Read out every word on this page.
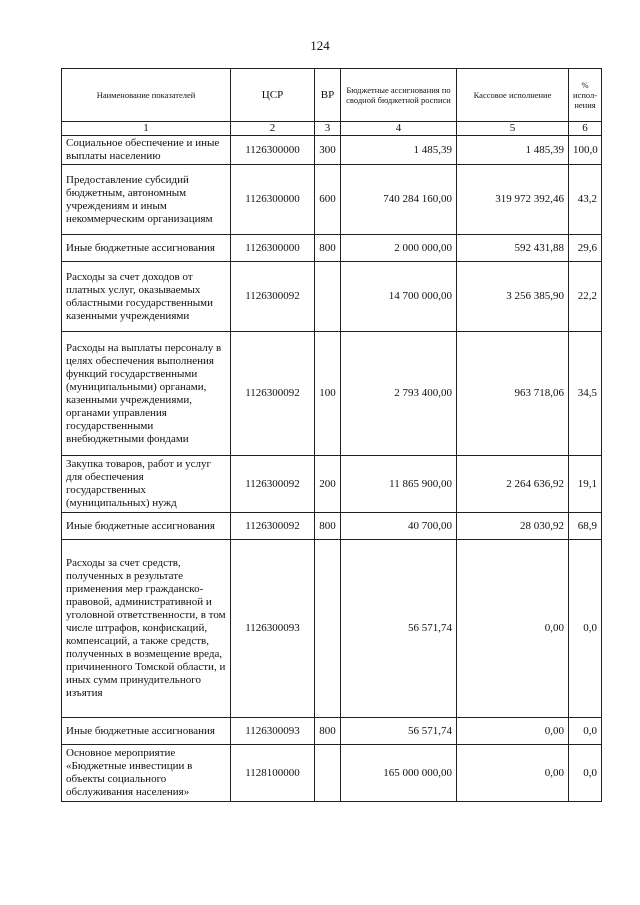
124
Наименование показателей	ЦСР	ВР	Бюджетные ассигнования по сводной бюджетной росписи	Кассовое исполнение	% испол-нения
1	2	3	4	5	6
Социальное обеспечение и иные выплаты населению	1126300000	300	1 485,39	1 485,39	100,0
Предоставление субсидий бюджетным, автономным учреждениям и иным некоммерческим организациям	1126300000	600	740 284 160,00	319 972 392,46	43,2
Иные бюджетные ассигнования	1126300000	800	2 000 000,00	592 431,88	29,6
Расходы за счет доходов от платных услуг, оказываемых областными государственными казенными учреждениями	1126300092		14 700 000,00	3 256 385,90	22,2
Расходы на выплаты персоналу в целях обеспечения выполнения функций государственными (муниципальными) органами, казенными учреждениями, органами управления государственными внебюджетными фондами	1126300092	100	2 793 400,00	963 718,06	34,5
Закупка товаров, работ и услуг для обеспечения государственных (муниципальных) нужд	1126300092	200	11 865 900,00	2 264 636,92	19,1
Иные бюджетные ассигнования	1126300092	800	40 700,00	28 030,92	68,9
Расходы за счет средств, полученных в результате применения мер гражданско-правовой, административной и уголовной ответственности, в том числе штрафов, конфискаций, компенсаций, а также средств, полученных в возмещение вреда, причиненного Томской области, и иных сумм принудительного изъятия	1126300093		56 571,74	0,00	0,0
Иные бюджетные ассигнования	1126300093	800	56 571,74	0,00	0,0
Основное мероприятие «Бюджетные инвестиции в объекты социального обслуживания населения»	1128100000		165 000 000,00	0,00	0,0
